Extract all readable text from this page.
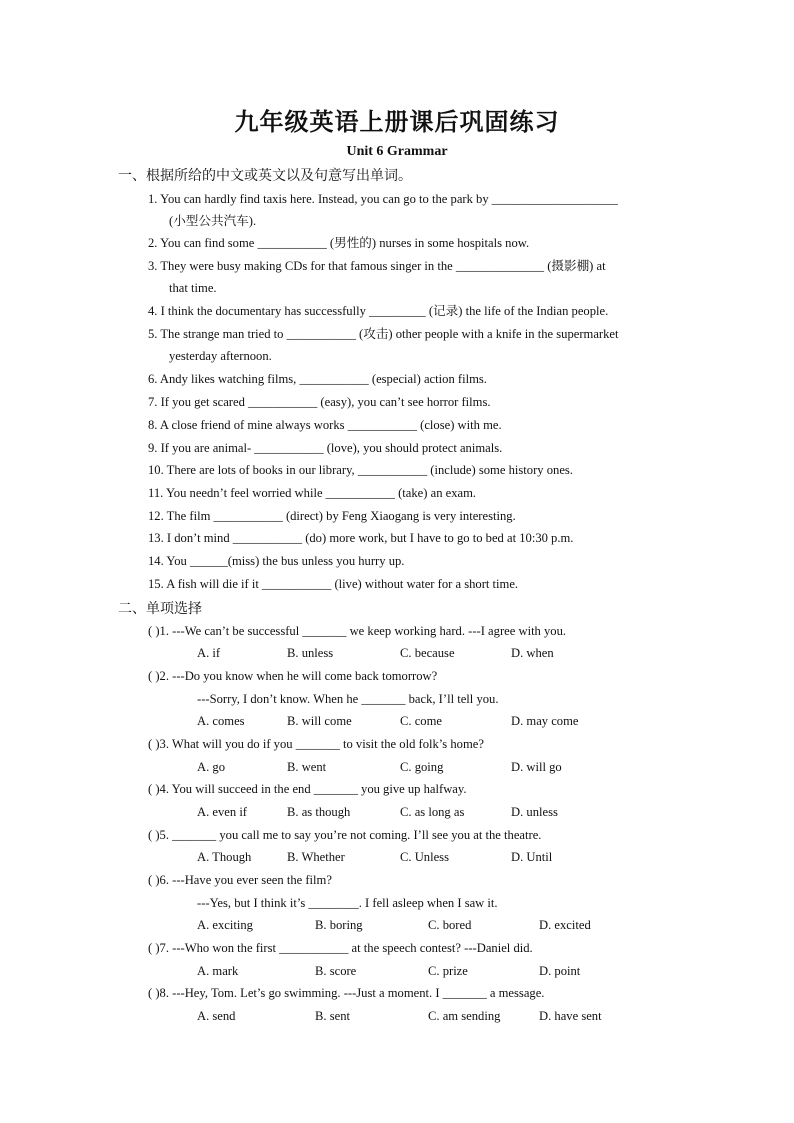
九年级英语上册课后巩固练习
Unit 6 Grammar
一、根据所给的中文或英文以及句意写出单词。
1. You can hardly find taxis here. Instead, you can go to the park by ____________________
(小型公共汽车).
2. You can find some ___________ (男性的) nurses in some hospitals now.
3. They were busy making CDs for that famous singer in the ______________ (摄影棚) at
that time.
4. I think the documentary has successfully _________ (记录) the life of the Indian people.
5. The strange man tried to ___________ (攻击) other people with a knife in the supermarket
yesterday afternoon.
6. Andy likes watching films, ___________ (especial) action films.
7. If you get scared ___________ (easy), you can’t see horror films.
8. A close friend of mine always works ___________ (close) with me.
9. If you are animal- ___________ (love), you should protect animals.
10. There are lots of books in our library, ___________ (include) some history ones.
11. You needn’t feel worried while ___________ (take) an exam.
12. The film ___________ (direct) by Feng Xiaogang is very interesting.
13. I don’t mind ___________ (do) more work, but I have to go to bed at 10:30 p.m.
14. You ______(miss) the bus unless you hurry up.
15. A fish will die if it ___________ (live) without water for a short time.
二、单项选择
( )1. ---We can’t be successful _______ we keep working hard. ---I agree with you.
A. if	B. unless	C. because	D. when
( )2. ---Do you know when he will come back tomorrow?
---Sorry, I don’t know. When he _______ back, I’ll tell you.
A. comes	B. will come	C. come	D. may come
( )3. What will you do if you _______ to visit the old folk’s home?
A. go	B. went	C. going	D. will go
( )4. You will succeed in the end _______ you give up halfway.
A. even if	B. as though	C. as long as	D. unless
( )5. _______ you call me to say you’re not coming. I’ll see you at the theatre.
A. Though	B. Whether	C. Unless	D. Until
( )6. ---Have you ever seen the film?
---Yes, but I think it’s ________. I fell asleep when I saw it.
A. exciting	B. boring	C. bored	D. excited
( )7. ---Who won the first ___________ at the speech contest? ---Daniel did.
A. mark	B. score	C. prize	D. point
( )8. ---Hey, Tom. Let’s go swimming. ---Just a moment. I _______ a message.
A. send	B. sent	C. am sending	D. have sent
